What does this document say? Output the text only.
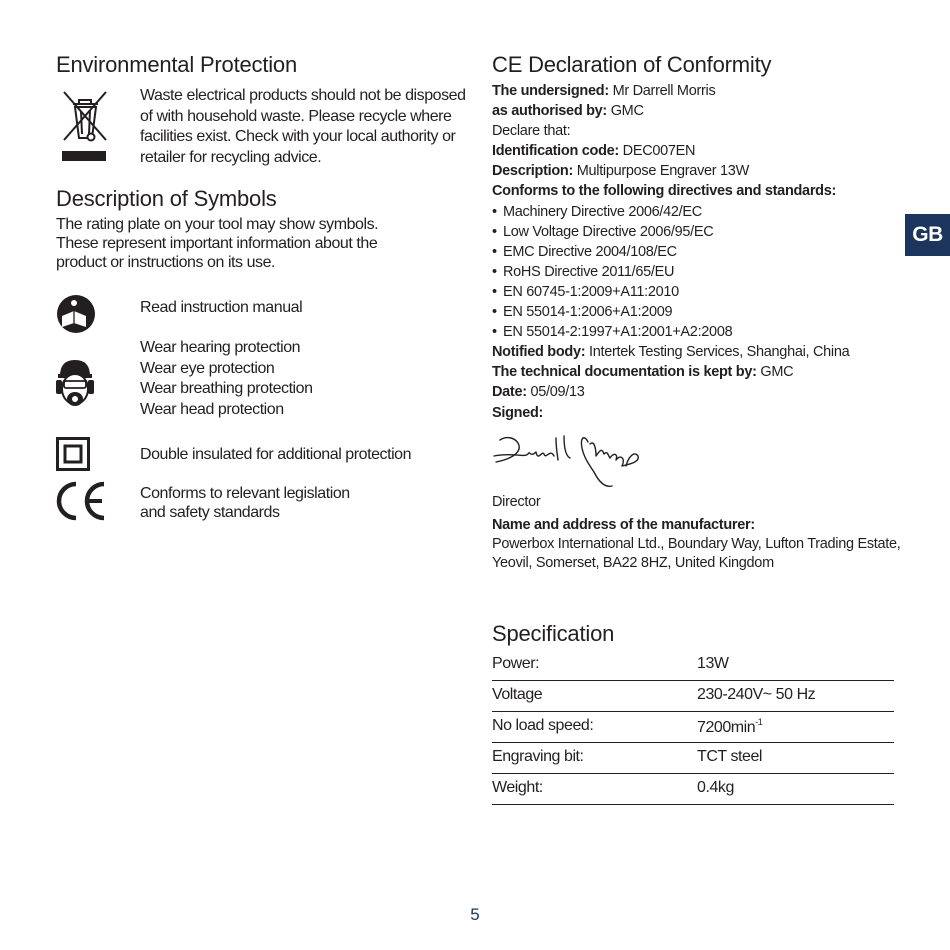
Environmental Protection
Waste electrical products should not be disposed
of with household waste. Please recycle where
facilities exist. Check with your local authority or
retailer for recycling advice.
Description of Symbols
The rating plate on your tool may show symbols.
These represent important information about the
product or instructions on its use.
Read instruction manual
Wear hearing protection
Wear eye protection
Wear breathing protection
Wear head protection
Double insulated for additional protection
Conforms to relevant legislation
and safety standards
CE Declaration of Conformity
The undersigned: Mr Darrell Morris
as authorised by: GMC
Declare that:
Identification code: DEC007EN
Description: Multipurpose Engraver 13W
Conforms to the following directives and standards:
• Machinery Directive 2006/42/EC
• Low Voltage Directive 2006/95/EC
• EMC Directive 2004/108/EC
• RoHS Directive 2011/65/EU
• EN 60745-1:2009+A11:2010
• EN 55014-1:2006+A1:2009
• EN 55014-2:1997+A1:2001+A2:2008
Notified body: Intertek Testing Services, Shanghai, China
The technical documentation is kept by: GMC
Date: 05/09/13
Signed:
Director
Name and address of the manufacturer:
Powerbox International Ltd., Boundary Way, Lufton Trading Estate,
Yeovil, Somerset, BA22 8HZ, United Kingdom
Specification
Power:	13W
Voltage	230-240V~ 50 Hz
No load speed:	$7200\min^{-1}$
Engraving bit:	TCT steel
Weight:	0.4kg
GB
5
